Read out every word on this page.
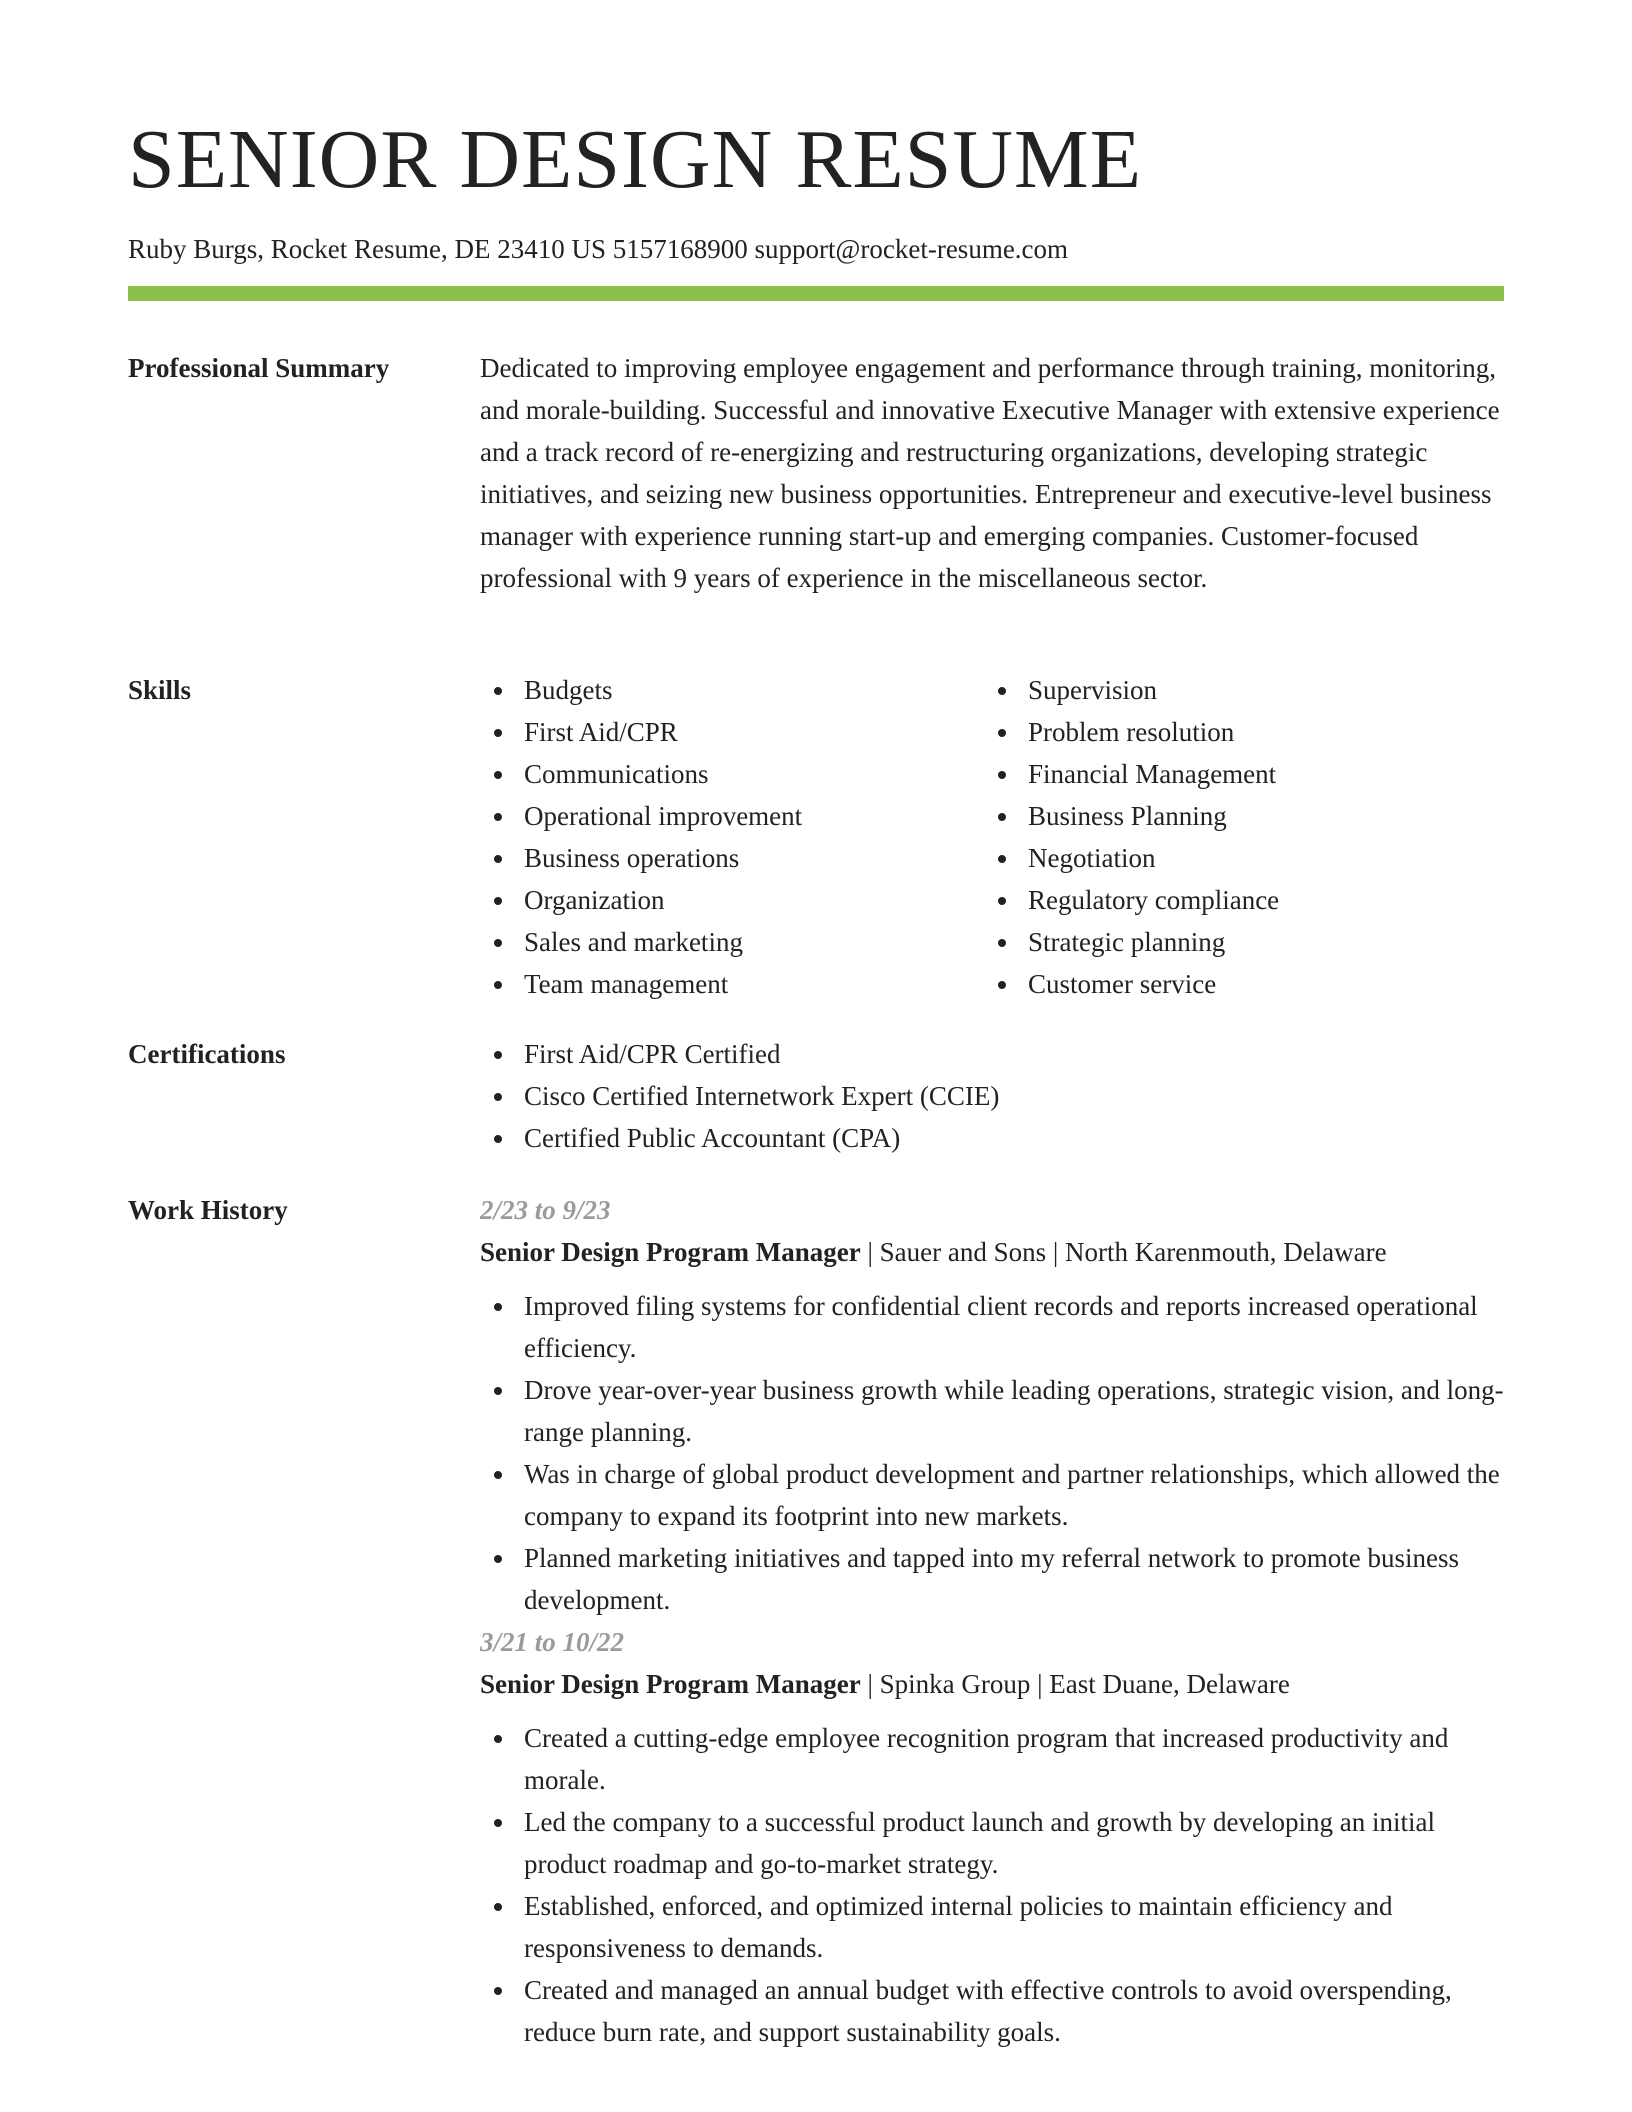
SENIOR DESIGN RESUME
Ruby Burgs, Rocket Resume, DE 23410 US 5157168900 support@rocket-resume.com
Professional Summary	Dedicated to improving employee engagement and performance through training, monitoring, and morale-building. Successful and innovative Executive Manager with extensive experience and a track record of re-energizing and restructuring organizations, developing strategic initiatives, and seizing new business opportunities. Entrepreneur and executive-level business manager with experience running start-up and emerging companies. Customer-focused professional with 9 years of experience in the miscellaneous sector.

Skills	Budgets
First Aid/CPR
Communications
Operational improvement
Business operations
Organization
Sales and marketing
Team management
Supervision
Problem resolution
Financial Management
Business Planning
Negotiation
Regulatory compliance
Strategic planning
Customer service
Certifications	First Aid/CPR Certified
Cisco Certified Internetwork Expert (CCIE)
Certified Public Accountant (CPA)
Work History	2/23 to 9/23
Senior Design Program Manager | Sauer and Sons | North Karenmouth, Delaware
Improved filing systems for confidential client records and reports increased operational efficiency.
Drove year-over-year business growth while leading operations, strategic vision, and long-range planning.
Was in charge of global product development and partner relationships, which allowed the company to expand its footprint into new markets.
Planned marketing initiatives and tapped into my referral network to promote business development.
3/21 to 10/22
Senior Design Program Manager | Spinka Group | East Duane, Delaware
Created a cutting-edge employee recognition program that increased productivity and morale.
Led the company to a successful product launch and growth by developing an initial product roadmap and go-to-market strategy.
Established, enforced, and optimized internal policies to maintain efficiency and responsiveness to demands.
Created and managed an annual budget with effective controls to avoid overspending, reduce burn rate, and support sustainability goals.
